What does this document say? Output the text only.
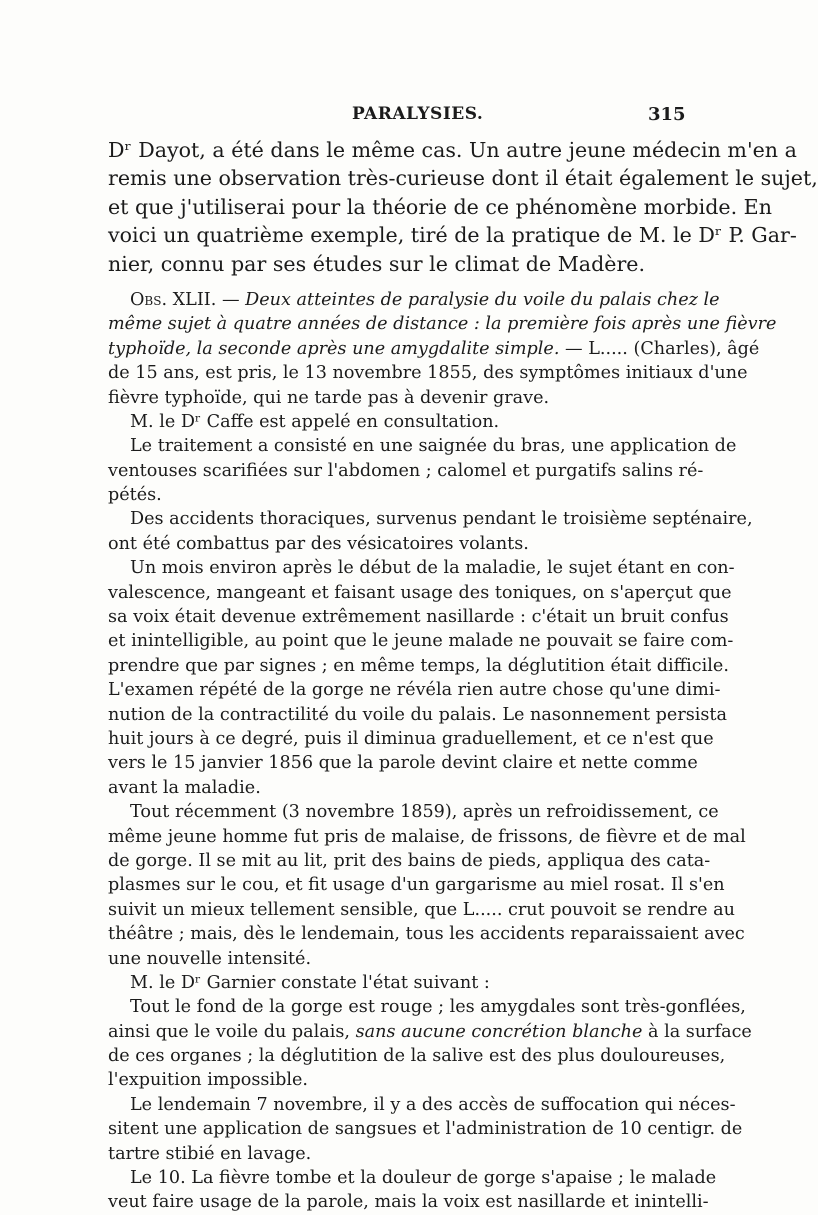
PARALYSIES.	315
Dʳ Dayot, a été dans le même cas. Un autre jeune médecin m'en a
remis une observation très-curieuse dont il était également le sujet,
et que j'utiliserai pour la théorie de ce phénomène morbide. En
voici un quatrième exemple, tiré de la pratique de M. le Dʳ P. Gar-
nier, connu par ses études sur le climat de Madère.
Obs. XLII. — Deux atteintes de paralysie du voile du palais chez le
même sujet à quatre années de distance : la première fois après une fièvre
typhoïde, la seconde après une amygdalite simple. — L..... (Charles), âgé
de 15 ans, est pris, le 13 novembre 1855, des symptômes initiaux d'une
fièvre typhoïde, qui ne tarde pas à devenir grave.
M. le Dʳ Caffe est appelé en consultation.
Le traitement a consisté en une saignée du bras, une application de
ventouses scarifiées sur l'abdomen ; calomel et purgatifs salins ré-
pétés.
Des accidents thoraciques, survenus pendant le troisième septénaire,
ont été combattus par des vésicatoires volants.
Un mois environ après le début de la maladie, le sujet étant en con-
valescence, mangeant et faisant usage des toniques, on s'aperçut que
sa voix était devenue extrêmement nasillarde : c'était un bruit confus
et inintelligible, au point que le jeune malade ne pouvait se faire com-
prendre que par signes ; en même temps, la déglutition était difficile.
L'examen répété de la gorge ne révéla rien autre chose qu'une dimi-
nution de la contractilité du voile du palais. Le nasonnement persista
huit jours à ce degré, puis il diminua graduellement, et ce n'est que
vers le 15 janvier 1856 que la parole devint claire et nette comme
avant la maladie.
Tout récemment (3 novembre 1859), après un refroidissement, ce
même jeune homme fut pris de malaise, de frissons, de fièvre et de mal
de gorge. Il se mit au lit, prit des bains de pieds, appliqua des cata-
plasmes sur le cou, et fit usage d'un gargarisme au miel rosat. Il s'en
suivit un mieux tellement sensible, que L..... crut pouvoit se rendre au
théâtre ; mais, dès le lendemain, tous les accidents reparaissaient avec
une nouvelle intensité.
M. le Dʳ Garnier constate l'état suivant :
Tout le fond de la gorge est rouge ; les amygdales sont très-gonflées,
ainsi que le voile du palais, sans aucune concrétion blanche à la surface
de ces organes ; la déglutition de la salive est des plus douloureuses,
l'expuition impossible.
Le lendemain 7 novembre, il y a des accès de suffocation qui néces-
sitent une application de sangsues et l'administration de 10 centigr. de
tartre stibié en lavage.
Le 10. La fièvre tombe et la douleur de gorge s'apaise ; le malade
veut faire usage de la parole, mais la voix est nasillarde et inintelli-
